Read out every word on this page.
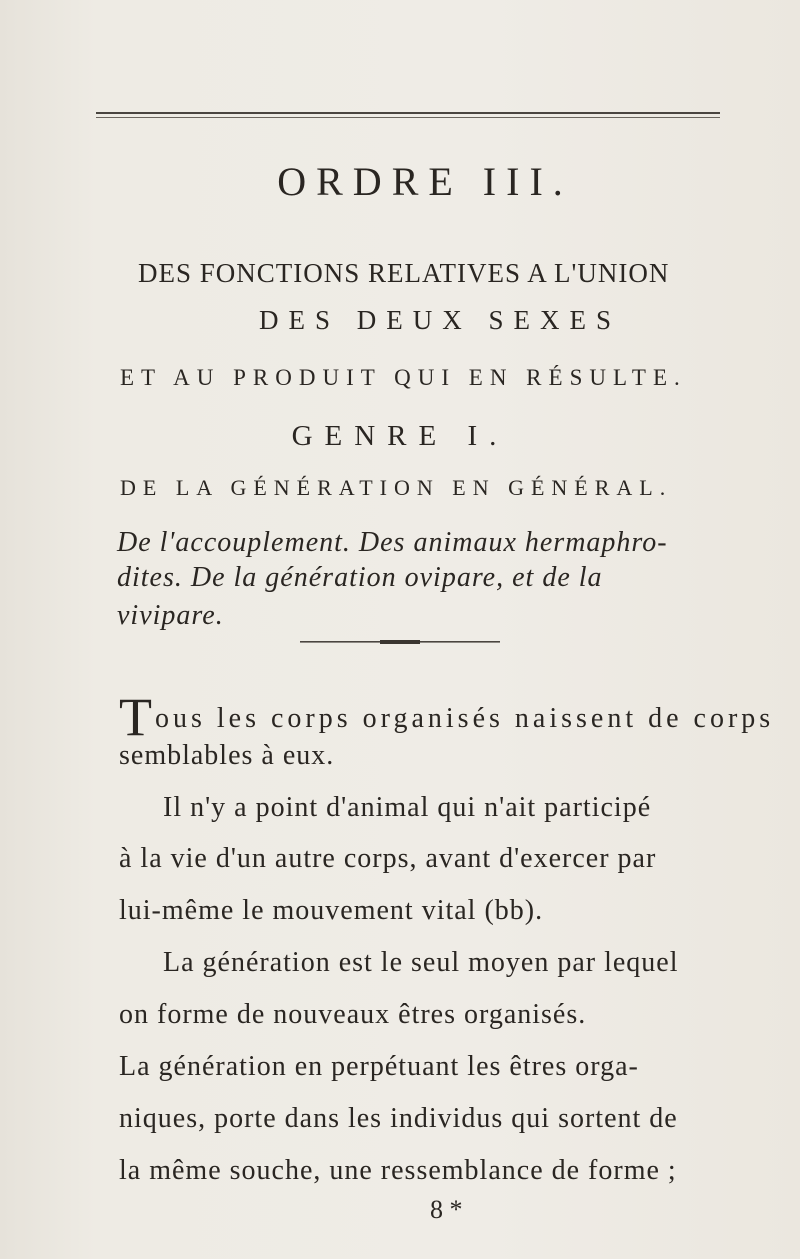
ORDRE III.
DES FONCTIONS RELATIVES A L'UNION
DES DEUX SEXES
ET AU PRODUIT QUI EN RÉSULTE.
GENRE I.
DE LA GÉNÉRATION EN GÉNÉRAL.
De l'accouplement. Des animaux hermaphro-
dites. De la génération ovipare, et de la
vivipare.
Tous les corps organisés naissent de corps
semblables à eux.
Il n'y a point d'animal qui n'ait participé
à la vie d'un autre corps, avant d'exercer par
lui-même le mouvement vital (bb).
La génération est le seul moyen par lequel
on forme de nouveaux êtres organisés.
La génération en perpétuant les êtres orga-
niques, porte dans les individus qui sortent de
la même souche, une ressemblance de forme ;
8 *
